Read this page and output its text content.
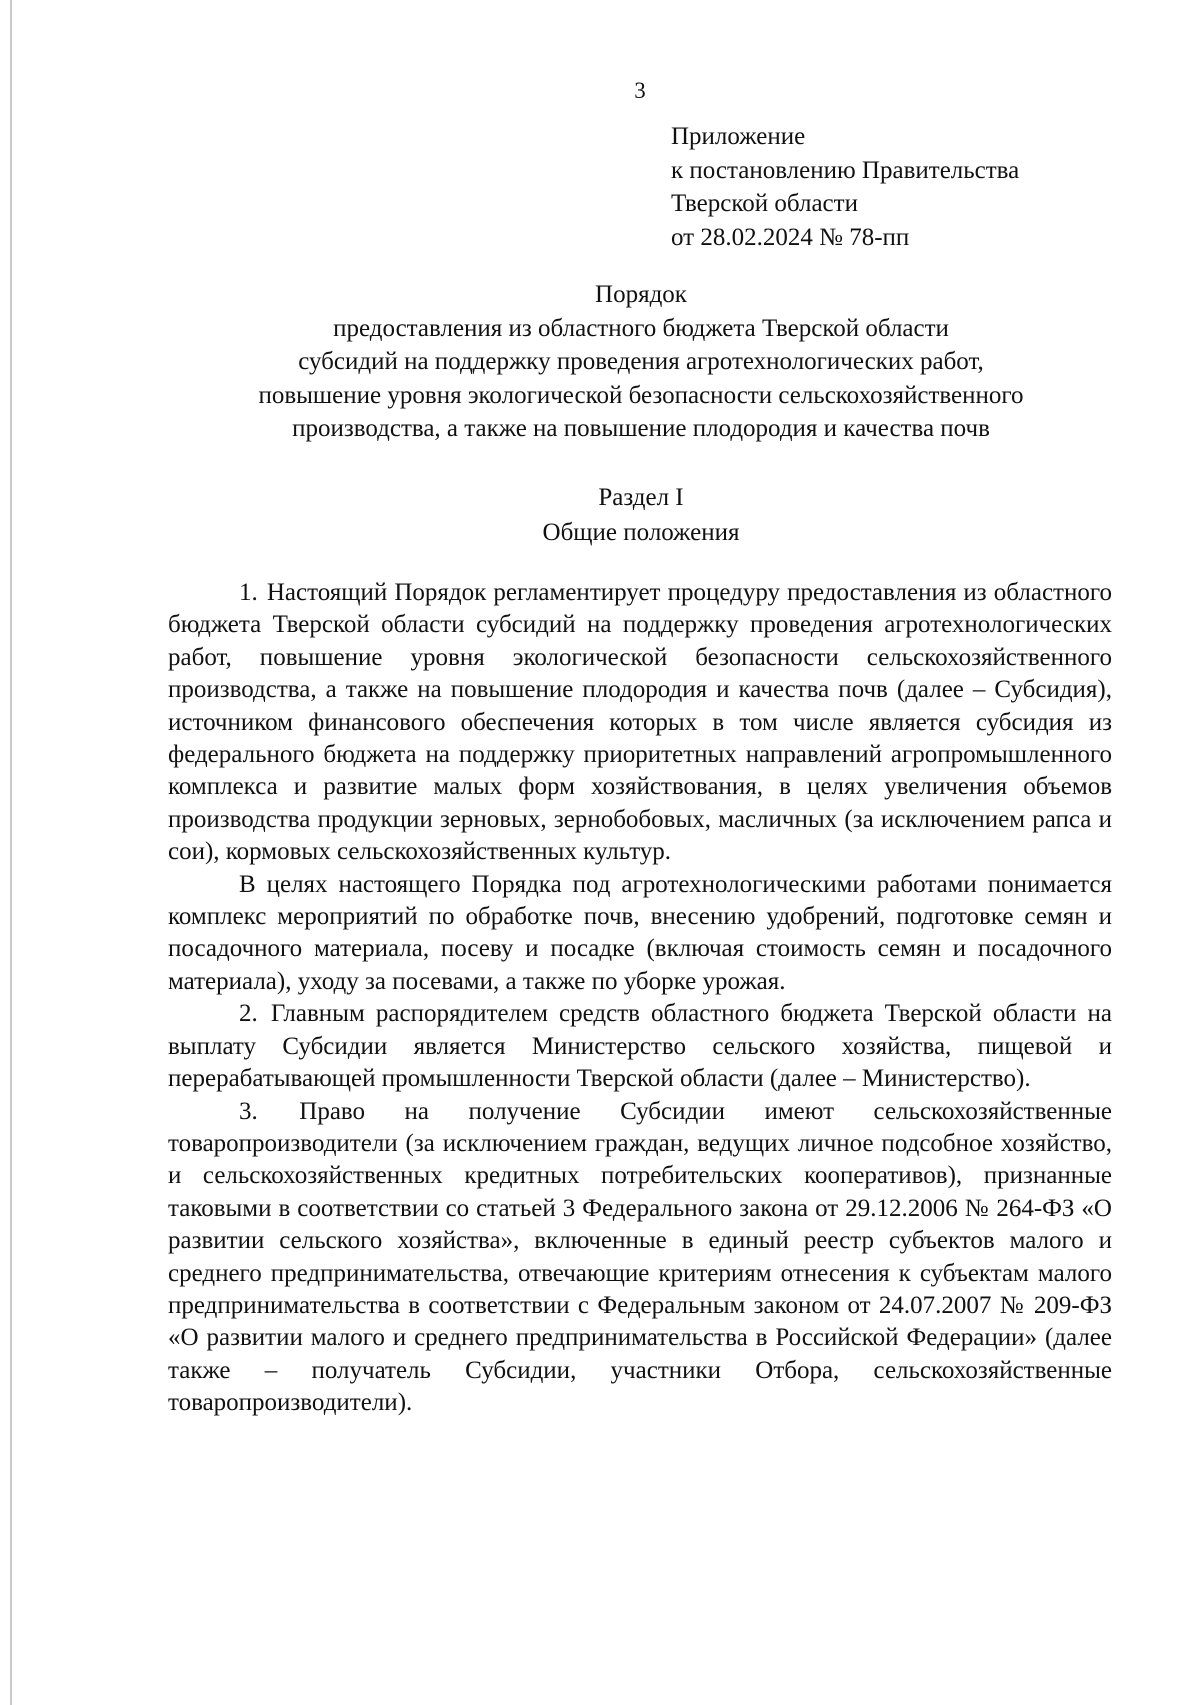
3
Приложение
к постановлению Правительства
Тверской области
от 28.02.2024 № 78-пп
Порядок
предоставления из областного бюджета Тверской области
субсидий на поддержку проведения агротехнологических работ,
повышение уровня экологической безопасности сельскохозяйственного
производства, а также на повышение плодородия и качества почв
Раздел I
Общие положения

1. Настоящий Порядок регламентирует процедуру предоставления из областного бюджета Тверской области субсидий на поддержку проведения агротехнологических работ, повышение уровня экологической безопасности сельскохозяйственного производства, а также на повышение плодородия и качества почв (далее – Субсидия), источником финансового обеспечения которых в том числе является субсидия из федерального бюджета на поддержку приоритетных направлений агропромышленного комплекса и развитие малых форм хозяйствования, в целях увеличения объемов производства продукции зерновых, зернобобовых, масличных (за исключением рапса и сои), кормовых сельскохозяйственных культур.

В целях настоящего Порядка под агротехнологическими работами понимается комплекс мероприятий по обработке почв, внесению удобрений, подготовке семян и посадочного материала, посеву и посадке (включая стоимость семян и посадочного материала), уходу за посевами, а также по уборке урожая.

2. Главным распорядителем средств областного бюджета Тверской области на выплату Субсидии является Министерство сельского хозяйства, пищевой и перерабатывающей промышленности Тверской области (далее – Министерство).

3. Право на получение Субсидии имеют сельскохозяйственные товаропроизводители (за исключением граждан, ведущих личное подсобное хозяйство, и сельскохозяйственных кредитных потребительских кооперативов), признанные таковыми в соответствии со статьей 3 Федерального закона от 29.12.2006 № 264-ФЗ «О развитии сельского хозяйства», включенные в единый реестр субъектов малого и среднего предпринимательства, отвечающие критериям отнесения к субъектам малого предпринимательства в соответствии с Федеральным законом от 24.07.2007 № 209-ФЗ «О развитии малого и среднего предпринимательства в Российской Федерации» (далее также – получатель Субсидии, участники Отбора, сельскохозяйственные товаропроизводители).
